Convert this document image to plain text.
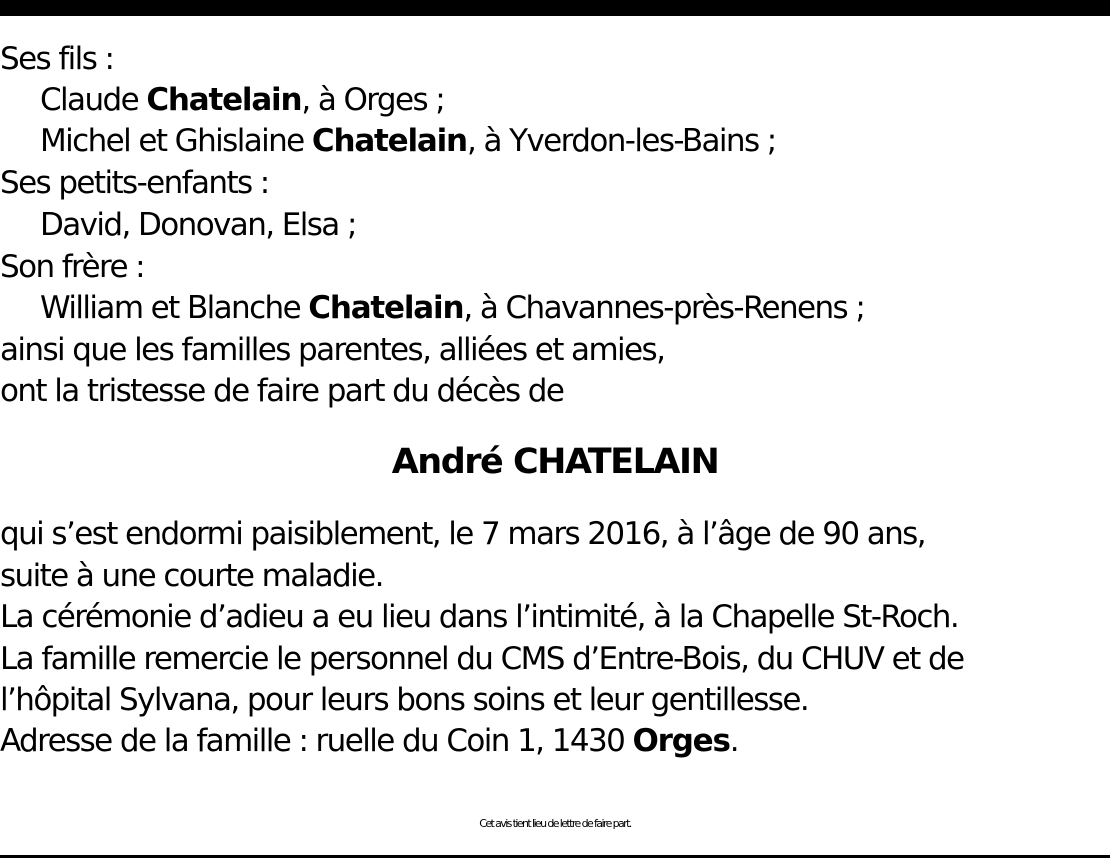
Ses fils :
Claude Chatelain, à Orges ;
Michel et Ghislaine Chatelain, à Yverdon-les-Bains ;
Ses petits-enfants :
David, Donovan, Elsa ;
Son frère :
William et Blanche Chatelain, à Chavannes-près-Renens ;
ainsi que les familles parentes, alliées et amies,
ont la tristesse de faire part du décès de
André CHATELAIN
qui s’est endormi paisiblement, le 7 mars 2016, à l’âge de 90 ans,
suite à une courte maladie.
La cérémonie d’adieu a eu lieu dans l’intimité, à la Chapelle St-Roch.
La famille remercie le personnel du CMS d’Entre-Bois, du CHUV et de
l’hôpital Sylvana, pour leurs bons soins et leur gentillesse.
Adresse de la famille : ruelle du Coin 1, 1430 Orges.
Cet avis tient lieu de lettre de faire part.
